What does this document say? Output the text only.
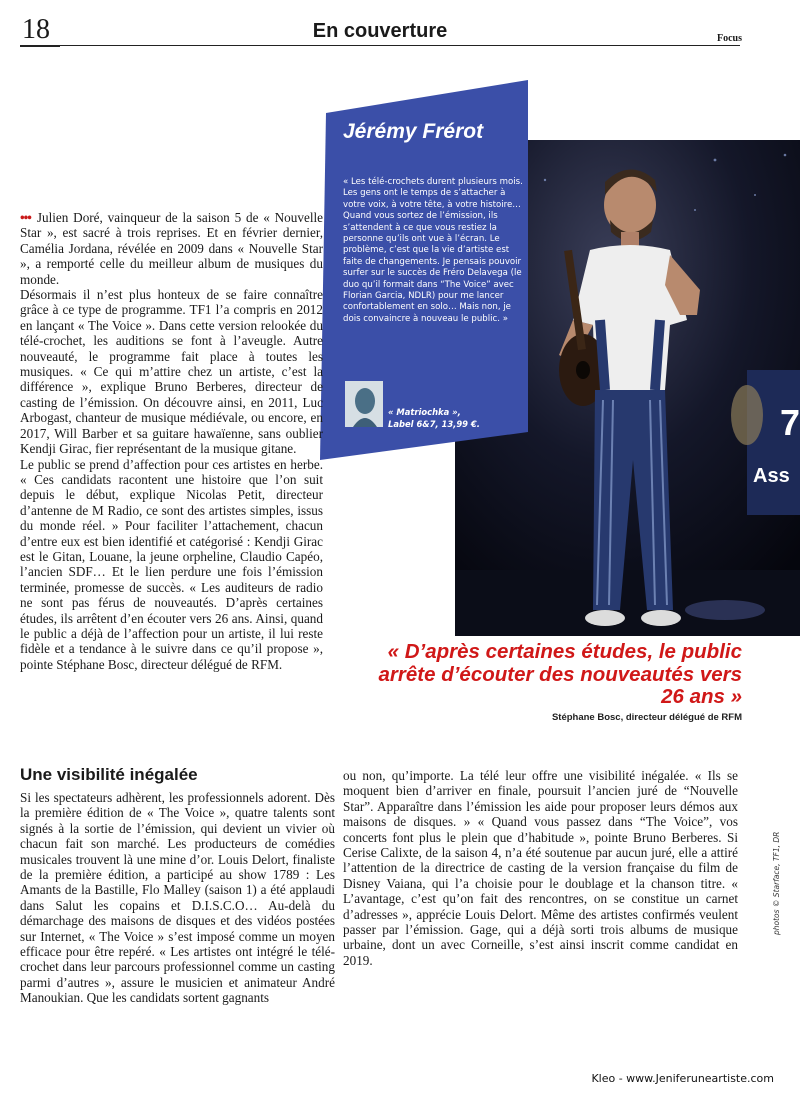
18	En couverture	Focus
7
Ass
Jérémy Frérot
« Les télé-crochets durent plusieurs mois. Les gens ont le temps de s’attacher à votre voix, à votre tête, à votre histoire… Quand vous sortez de l’émission, ils s’attendent à ce que vous restiez la personne qu’ils ont vue à l’écran. Le problème, c’est que la vie d’artiste est faite de changements. Je pensais pouvoir surfer sur le succès de Fréro Delavega (le duo qu’il formait dans “The Voice” avec Florian Garcia, NDLR) pour me lancer confortablement en solo… Mais non, je dois convaincre à nouveau le public. »
« Matriochka »,
Label 6&7, 13,99 €.

••• Julien Doré, vainqueur de la saison 5 de « Nouvelle Star », est sacré à trois reprises. Et en février dernier, Camélia Jordana, révélée en 2009 dans « Nouvelle Star », a remporté celle du meilleur album de musiques du monde.

Désormais il n’est plus honteux de se faire connaître grâce à ce type de programme. TF1 l’a compris en 2012 en lançant « The Voice ». Dans cette version relookée du télé-crochet, les auditions se font à l’aveugle. Autre nouveauté, le programme fait place à toutes les musiques. « Ce qui m’attire chez un artiste, c’est la différence », explique Bruno Berberes, directeur de casting de l’émission. On découvre ainsi, en 2011, Luc Arbogast, chanteur de musique médiévale, ou encore, en 2017, Will Barber et sa guitare hawaïenne, sans oublier Kendji Girac, fier représentant de la musique gitane.

Le public se prend d’affection pour ces artistes en herbe. « Ces candidats racontent une histoire que l’on suit depuis le début, explique Nicolas Petit, directeur d’antenne de M Radio, ce sont des artistes simples, issus du monde réel. » Pour faciliter l’attachement, chacun d’entre eux est bien identifié et catégorisé : Kendji Girac est le Gitan, Louane, la jeune orpheline, Claudio Capéo, l’ancien SDF… Et le lien perdure une fois l’émission terminée, promesse de succès. « Les auditeurs de radio ne sont pas férus de nouveautés. D’après certaines études, ils arrêtent d’en écouter vers 26 ans. Ainsi, quand le public a déjà de l’affection pour un artiste, il lui reste fidèle et a tendance à le suivre dans ce qu’il propose », pointe Stéphane Bosc, directeur délégué de RFM.

« D’après certaines études, le public arrête d’écouter des nouveautés vers 26 ans »
Stéphane Bosc, directeur délégué de RFM
Une visibilité inégalée
Si les spectateurs adhèrent, les professionnels adorent. Dès la première édition de « The Voice », quatre talents sont signés à la sortie de l’émission, qui devient un vivier où chacun fait son marché. Les producteurs de comédies musicales trouvent là une mine d’or. Louis Delort, finaliste de la première édition, a participé au show 1789 : Les Amants de la Bastille, Flo Malley (saison 1) a été applaudi dans Salut les copains et D.I.S.C.O… Au-delà du démarchage des maisons de disques et des vidéos postées sur Internet, « The Voice » s’est imposé comme un moyen efficace pour être repéré. « Les artistes ont intégré le télé-crochet dans leur parcours professionnel comme un casting parmi d’autres », assure le musicien et animateur André Manoukian. Que les candidats sortent gagnants
ou non, qu’importe. La télé leur offre une visibilité inégalée. « Ils se moquent bien d’arriver en finale, poursuit l’ancien juré de “Nouvelle Star”. Apparaître dans l’émission les aide pour proposer leurs démos aux maisons de disques. » « Quand vous passez dans “The Voice”, vos concerts font plus le plein que d’habitude », pointe Bruno Berberes. Si Cerise Calixte, de la saison 4, n’a été soutenue par aucun juré, elle a attiré l’attention de la directrice de casting de la version française du film de Disney Vaiana, qui l’a choisie pour le doublage et la chanson titre. « L’avantage, c’est qu’on fait des rencontres, on se constitue un carnet d’adresses », apprécie Louis Delort. Même des artistes confirmés veulent passer par l’émission. Gage, qui a déjà sorti trois albums de musique urbaine, dont un avec Corneille, s’est ainsi inscrit comme candidat en 2019.
photos © Starface, TF1, DR
Kleo - www.Jeniferuneartiste.com
